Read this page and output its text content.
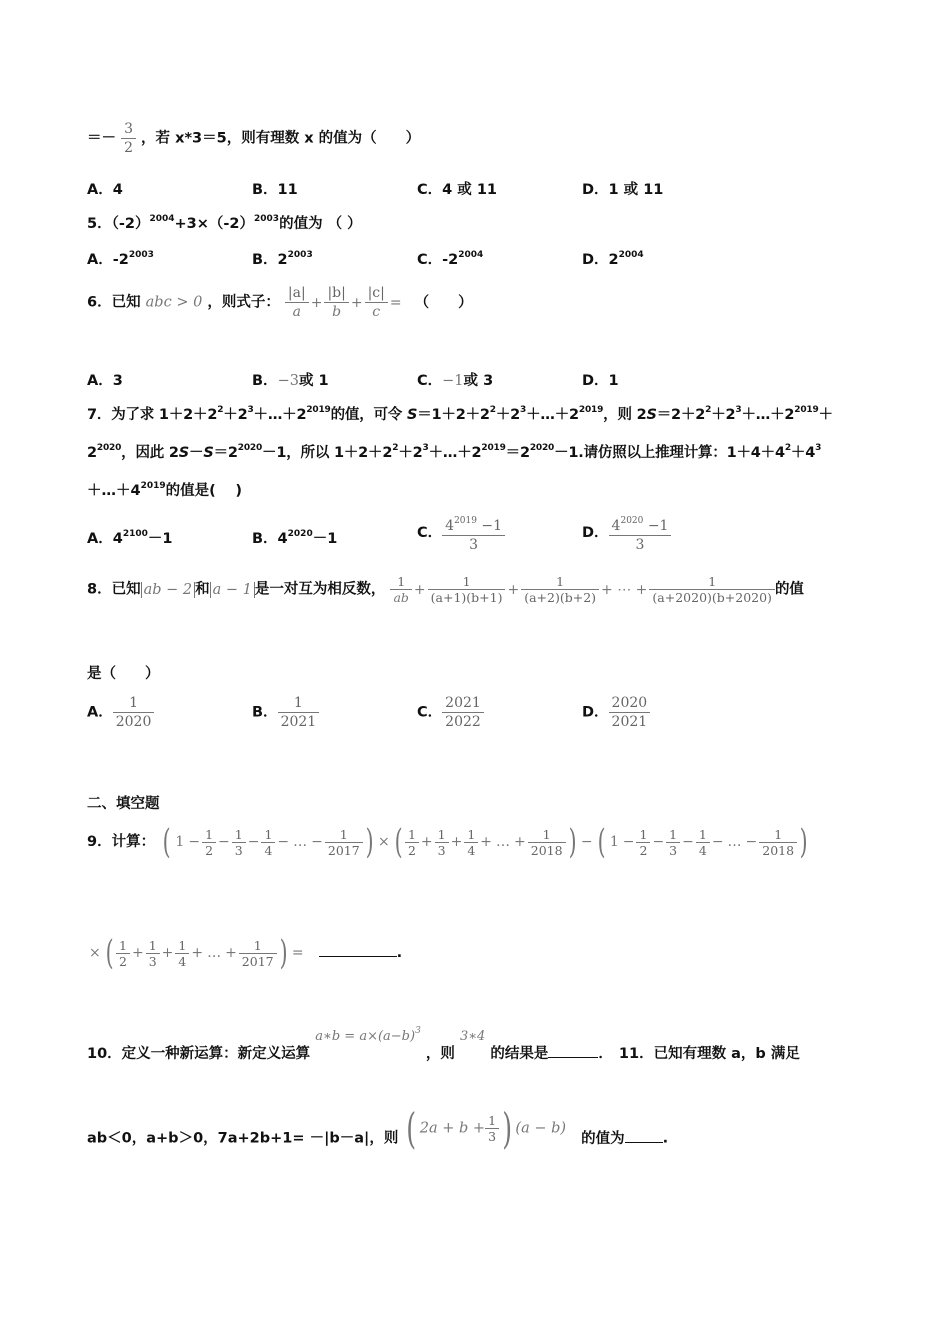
＝－ $\frac{3}{2}$ ，若 x*3＝5，则有理数 x 的值为（　　）
A．4	B．11	C．4 或 11	D．1 或 11
5．$(-2)^{2004}+3\times(-2)^{2003}$的值为 （ ）
A．$-2^{2003}$	B．$2^{2003}$	C．$-2^{2004}$	D．$2^{2004}$
6．已知 abc > 0 ，则式子： $\frac{|a|}{a} + \frac{|b|}{b} + \frac{|c|}{c}$ = （　　）
A．3	B．−3或 1	C．−1或 3	D．1
7．为了求 $1+2+2^2+2^3+\dots+2^{2019}$的值，可令 $S=1+2+2^2+2^3+\dots+2^{2019}$，则 $2S=2+2^2+2^3+\dots+2^{2019}+$
$2^{2020}$，因此 $2S-S=2^{2020}-1$，所以 $1+2+2^2+2^3+\dots+2^{2019}=2^{2020}-1$.请仿照以上推理计算：$1+4+4^2+4^3$
$+\dots+4^{2019}$的值是(　 )
A．$4^{2100}-1$	B．$4^{2020}-1$	C． $\frac{4^{2019} -1}{3}$	D． $\frac{4^{2020} -1}{3}$
8．已知 ab − 2 和 a − 1 是一对互为相反数， $\frac{1}{ab} + \frac{1}{(a+1)(b+1)} + \frac{1}{(a+2)(b+2)}$ + ⋯ + $\frac{1}{(a+2020)(b+2020)}$ 的值
是（　　）
A． $\frac{1}{2020}$	B． $\frac{1}{2021}$	C． $\frac{2021}{2022}$	D． $\frac{2020}{2021}$
二、填空题
9．计算： ( $1 - \frac{1}{2} - \frac{1}{3} - \frac{1}{4}$ − … − $\frac{1}{2017}$ ) × ( $\frac{1}{2} + \frac{1}{3} + \frac{1}{4}$ + … + $\frac{1}{2018}$ ) − ( $1 - \frac{1}{2} - \frac{1}{3} - \frac{1}{4}$ − … − $\frac{1}{2018}$ )
× ( $\frac{1}{2} + \frac{1}{3} + \frac{1}{4}$ + … + $\frac{1}{2017}$ ) =	.
10．定义一种新运算：新定义运算 a∗b = $a\times(a-b)^3$ ，则 3∗4 的结果是	． 11．已知有理数 a，b 满足
ab＜0，a+b＞0，7a+2b+1= －|b－a|，则 ( $2a + b + \frac{1}{3}$ ) (a − b) 的值为	.
